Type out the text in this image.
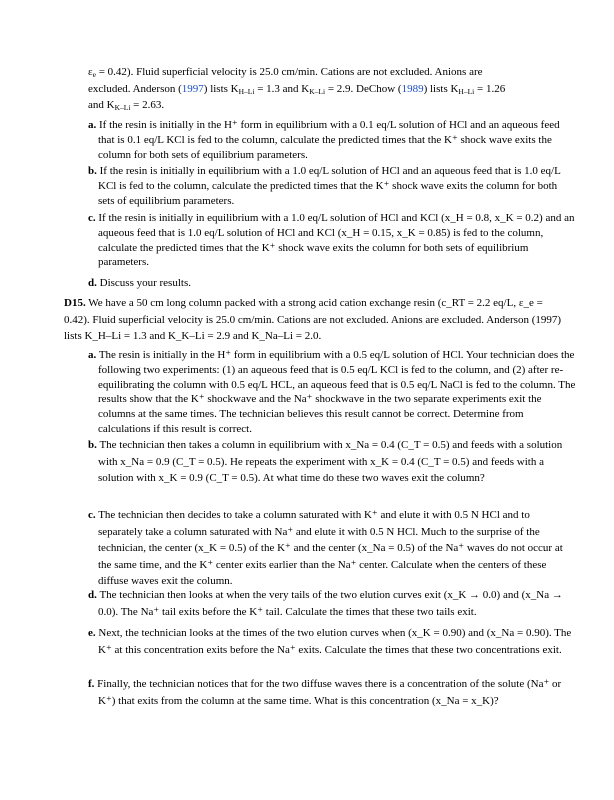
$\varepsilon_e = 0.42$). Fluid superficial velocity is 25.0 cm/min. Cations are not excluded. Anions are
excluded. Anderson (1997) lists $K_{H-Li} = 1.3$ and $K_{K-Li} = 2.9$. DeChow (1989) lists $K_{H-Li} = 1.26$
and $K_{K-Li} = 2.63$.
a. If the resin is initially in the H⁺ form in equilibrium with a 0.1 eq/L solution of HCl and an aqueous feed that is 0.1 eq/L KCl is fed to the column, calculate the predicted times that the K⁺ shock wave exits the column for both sets of equilibrium parameters.
b. If the resin is initially in equilibrium with a 1.0 eq/L solution of HCl and an aqueous feed that is 1.0 eq/L KCl is fed to the column, calculate the predicted times that the K⁺ shock wave exits the column for both sets of equilibrium parameters.
c. If the resin is initially in equilibrium with a 1.0 eq/L solution of HCl and KCl (x_H = 0.8, x_K = 0.2) and an aqueous feed that is 1.0 eq/L solution of HCl and KCl (x_H = 0.15, x_K = 0.85) is fed to the column, calculate the predicted times that the K⁺ shock wave exits the column for both sets of equilibrium parameters.
d. Discuss your results.
D15. We have a 50 cm long column packed with a strong acid cation exchange resin (c_RT = 2.2 eq/L, ε_e = 0.42). Fluid superficial velocity is 25.0 cm/min. Cations are not excluded. Anions are excluded. Anderson (1997) lists K_H–Li = 1.3 and K_K–Li = 2.9 and K_Na–Li = 2.0.
a. The resin is initially in the H⁺ form in equilibrium with a 0.5 eq/L solution of HCl. Your technician does the following two experiments: (1) an aqueous feed that is 0.5 eq/L KCl is fed to the column, and (2) after re-equilibrating the column with 0.5 eq/L HCL, an aqueous feed that is 0.5 eq/L NaCl is fed to the column. The results show that the K⁺ shockwave and the Na⁺ shockwave in the two separate experiments exit the columns at the same times. The technician believes this result cannot be correct. Determine from calculations if this result is correct.
b. The technician then takes a column in equilibrium with x_Na = 0.4 (C_T = 0.5) and feeds with a solution with x_Na = 0.9 (C_T = 0.5). He repeats the experiment with x_K = 0.4 (C_T = 0.5) and feeds with a solution with x_K = 0.9 (C_T = 0.5). At what time do these two waves exit the column?
c. The technician then decides to take a column saturated with K⁺ and elute it with 0.5 N HCl and to separately take a column saturated with Na⁺ and elute it with 0.5 N HCl. Much to the surprise of the technician, the center (x_K = 0.5) of the K⁺ and the center (x_Na = 0.5) of the Na⁺ waves do not occur at the same time, and the K⁺ center exits earlier than the Na⁺ center. Calculate when the centers of these diffuse waves exit the column.
d. The technician then looks at when the very tails of the two elution curves exit (x_K → 0.0) and (x_Na → 0.0). The Na⁺ tail exits before the K⁺ tail. Calculate the times that these two tails exit.
e. Next, the technician looks at the times of the two elution curves when (x_K = 0.90) and (x_Na = 0.90). The K⁺ at this concentration exits before the Na⁺ exits. Calculate the times that these two concentrations exit.
f. Finally, the technician notices that for the two diffuse waves there is a concentration of the solute (Na⁺ or K⁺) that exits from the column at the same time. What is this concentration (x_Na = x_K)?
